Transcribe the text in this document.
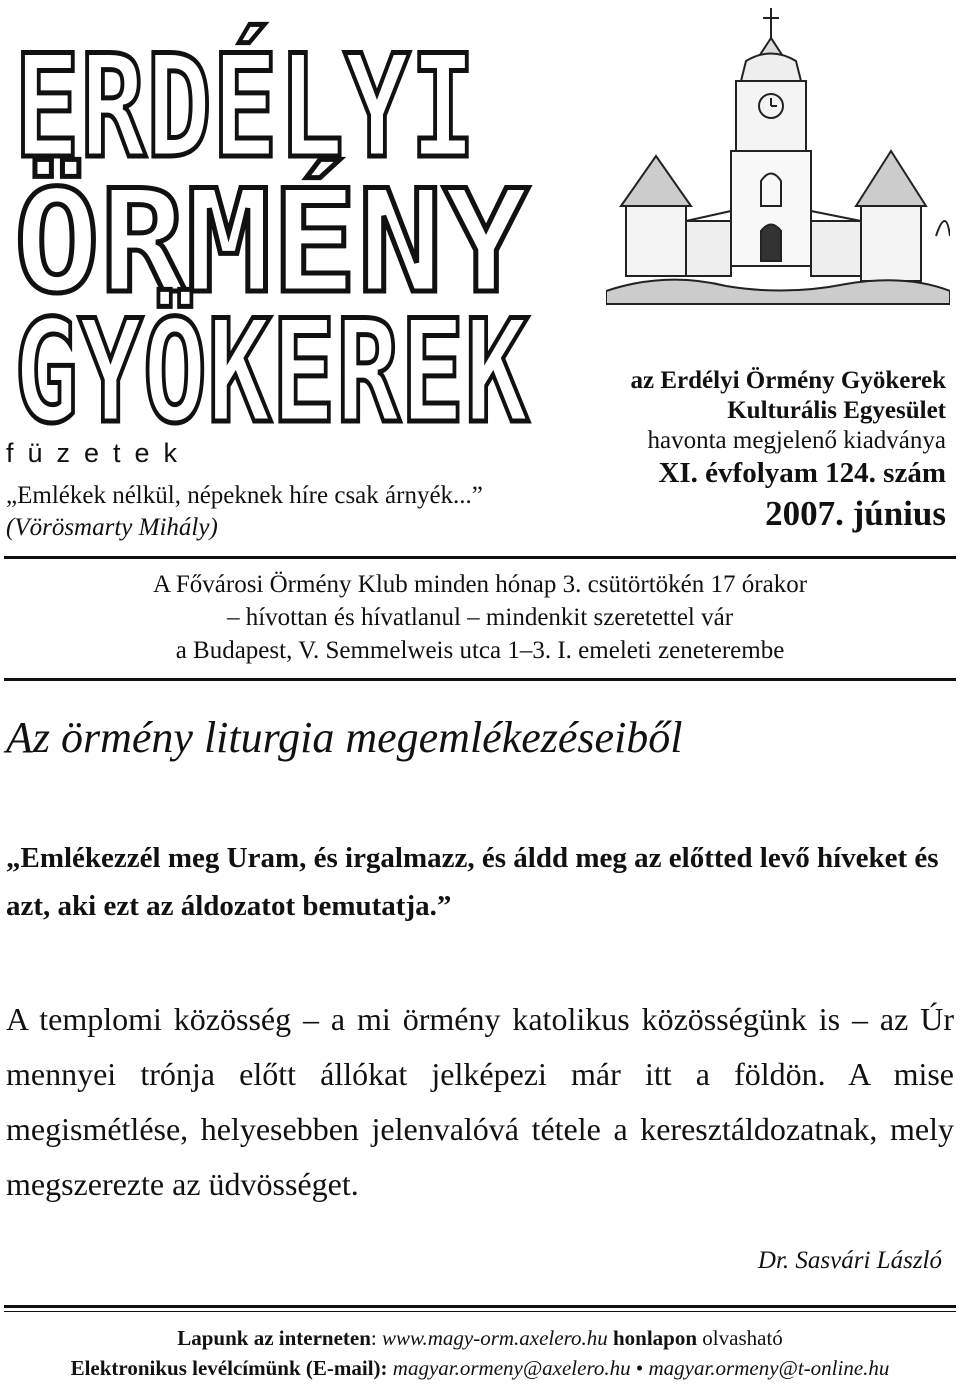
ERDÉLY
ÖRMÉNY
GYÖKER
füzetek
„Emlékek nélkül, népeknek híre csak árnyék...”
(Vörösmarty Mihály)
az Erdélyi Örmény Gyökerek
Kulturális Egyesület
havonta megjelenő kiadványa
XI. évfolyam 124. szám
2007. június
A Fővárosi Örmény Klub minden hónap 3. csütörtökén 17 órakor
– hívottan és hívatlanul – mindenkit szeretettel vár
a Budapest, V. Semmelweis utca 1–3. I. emeleti zeneterembe
Az örmény liturgia megemlékezéseiből
„Emlékezzél meg Uram, és irgalmazz, és áldd meg az előtted levő híveket és azt, aki ezt az áldozatot bemutatja.”
A templomi közösség – a mi örmény katolikus közösségünk is – az Úr mennyei trónja előtt állókat jelképezi már itt a földön. A mise megismétlése, helyesebben jelenvalóvá tétele a keresztáldozatnak, mely megszerezte az üdvösséget.
Dr. Sasvári László
Lapunk az interneten: www.magy-orm.axelero.hu honlapon olvasható
Elektronikus levélcímünk (E-mail): magyar.ormeny@axelero.hu • magyar.ormeny@t-online.hu
